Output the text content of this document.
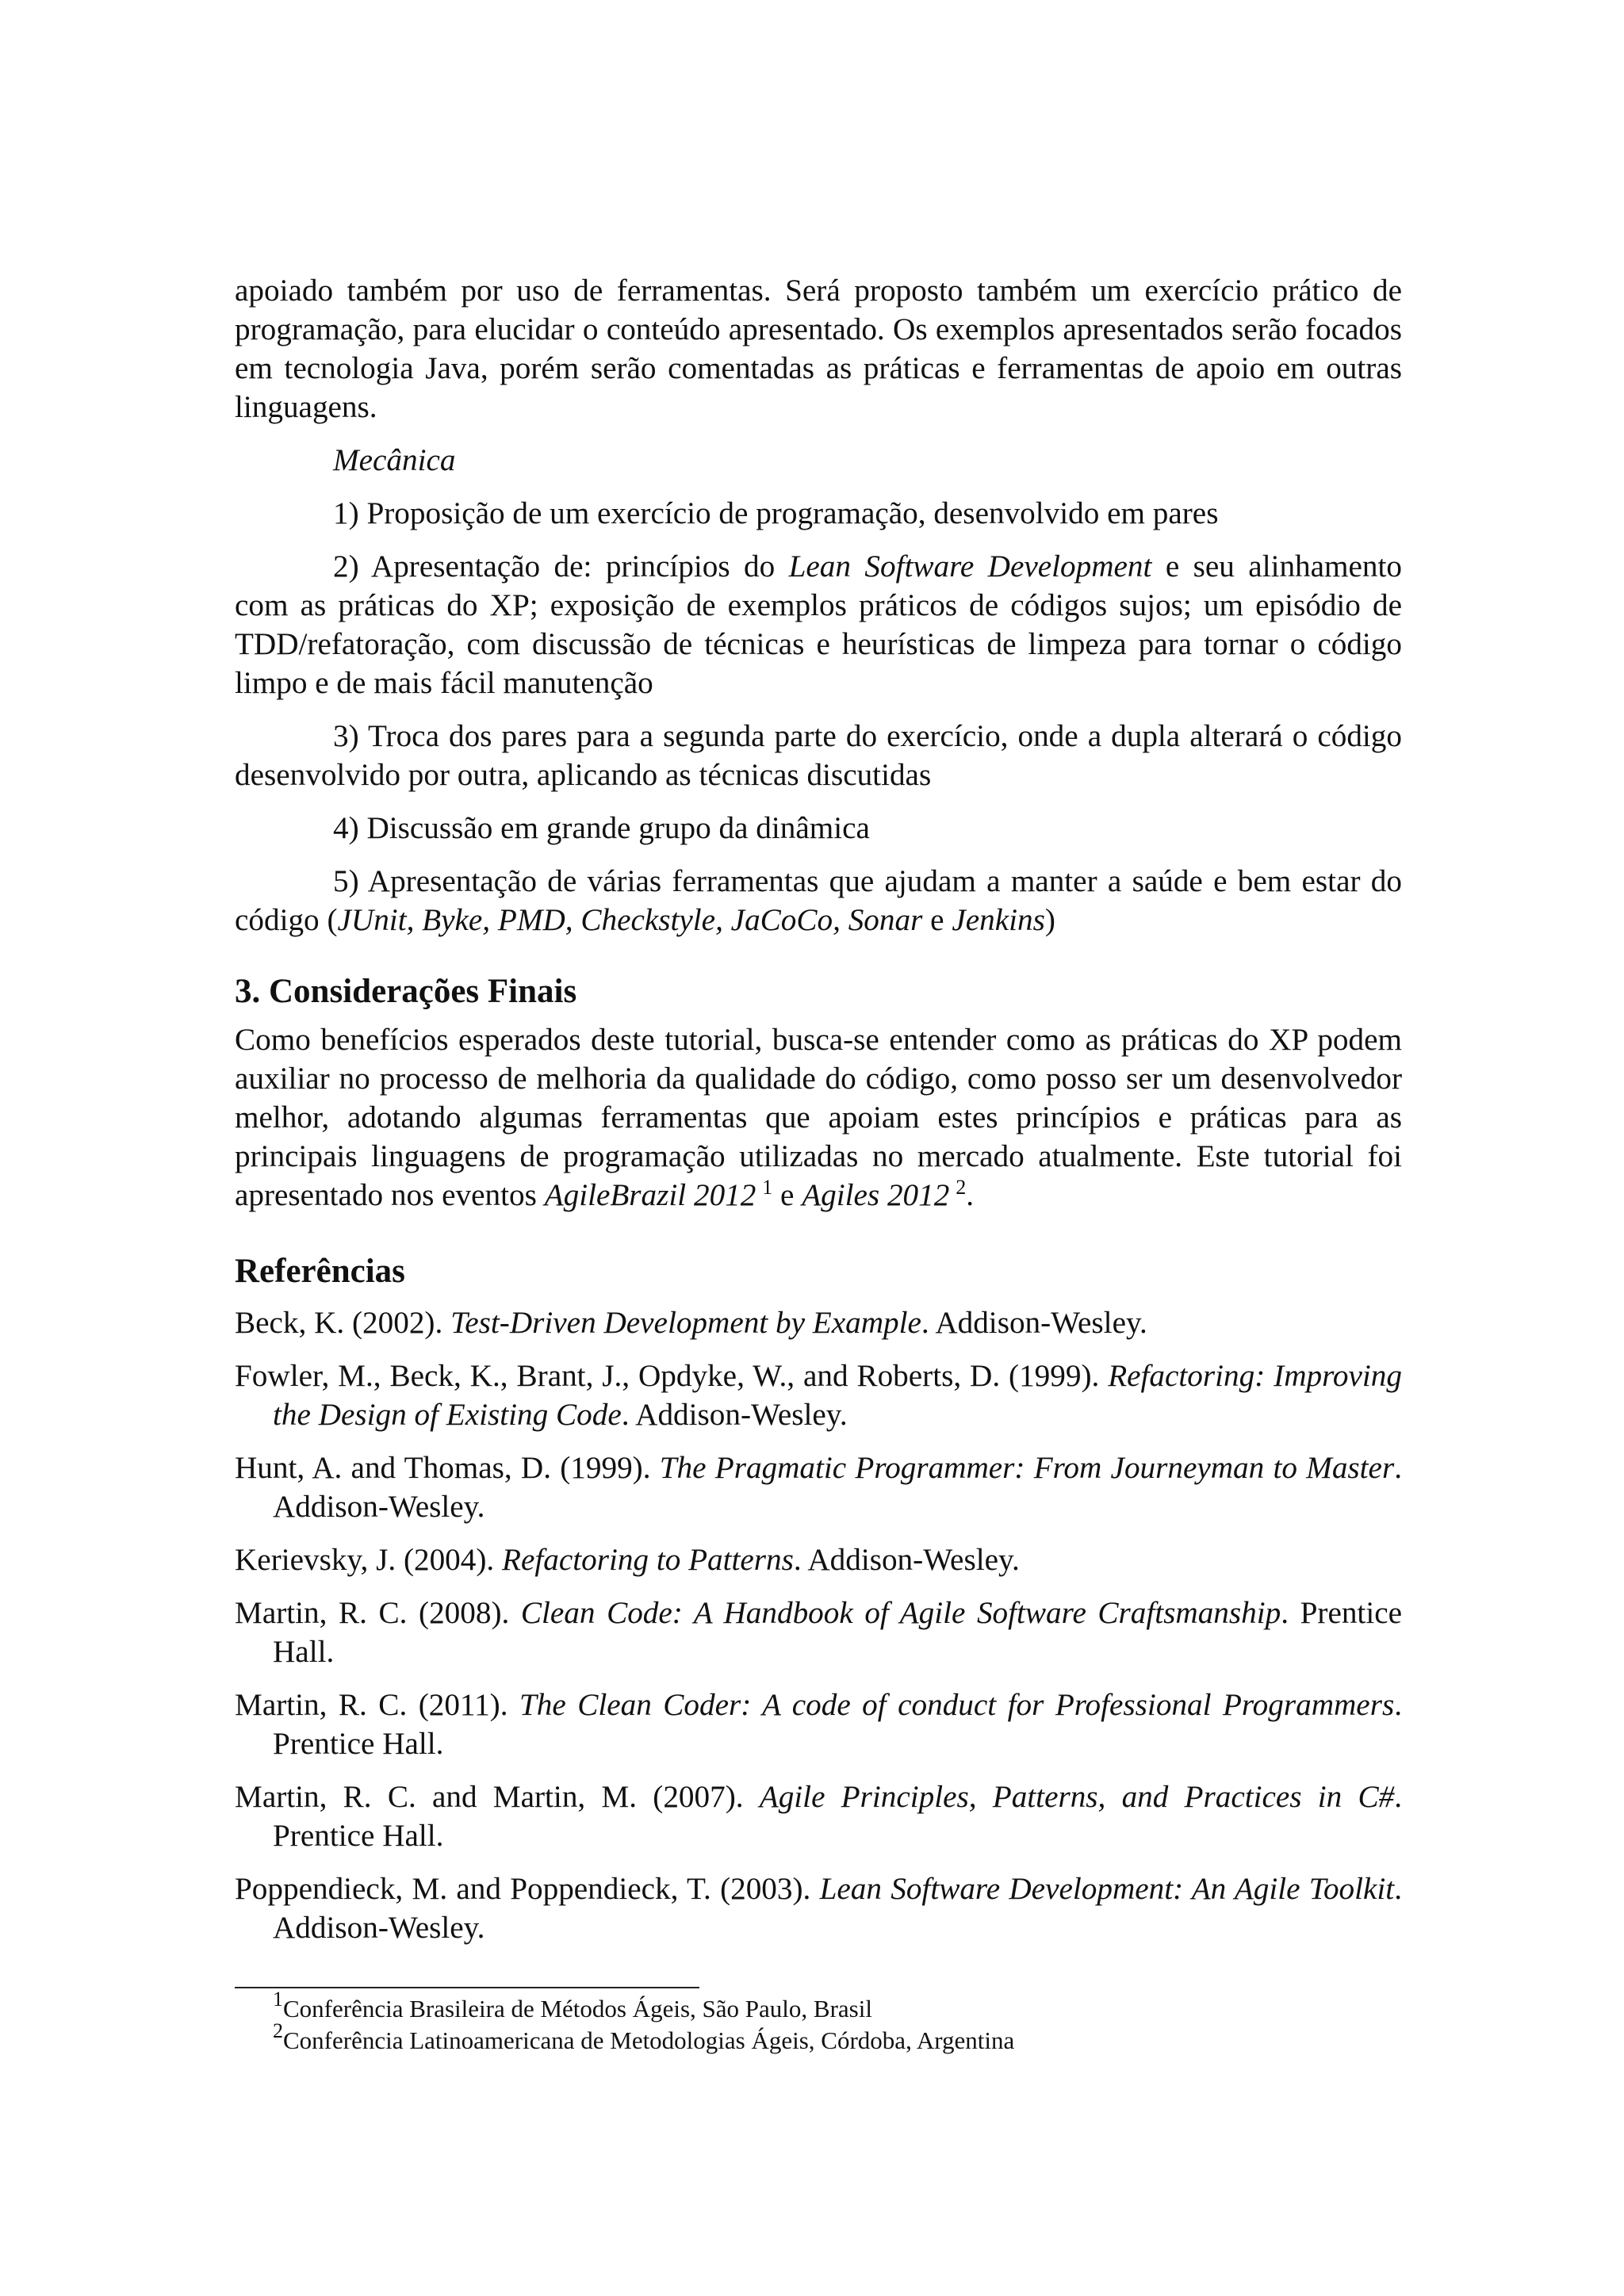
apoiado também por uso de ferramentas. Será proposto também um exercício prático de programação, para elucidar o conteúdo apresentado. Os exemplos apresentados serão focados em tecnologia Java, porém serão comentadas as práticas e ferramentas de apoio em outras linguagens.

Mecânica

1) Proposição de um exercício de programação, desenvolvido em pares

2) Apresentação de: princípios do Lean Software Development e seu alinhamento com as práticas do XP; exposição de exemplos práticos de códigos sujos; um episódio de TDD/refatoração, com discussão de técnicas e heurísticas de limpeza para tornar o código limpo e de mais fácil manutenção

3) Troca dos pares para a segunda parte do exercício, onde a dupla alterará o código desenvolvido por outra, aplicando as técnicas discutidas

4) Discussão em grande grupo da dinâmica

5) Apresentação de várias ferramentas que ajudam a manter a saúde e bem estar do código (JUnit, Byke, PMD, Checkstyle, JaCoCo, Sonar e Jenkins)

3. Considerações Finais

Como benefícios esperados deste tutorial, busca-se entender como as práticas do XP podem auxiliar no processo de melhoria da qualidade do código, como posso ser um desenvolvedor melhor, adotando algumas ferramentas que apoiam estes princípios e práticas para as principais linguagens de programação utilizadas no mercado atualmente. Este tutorial foi apresentado nos eventos AgileBrazil 2012  $^1$ e Agiles 2012  $^2$.

Referências

Beck, K. (2002). Test-Driven Development by Example. Addison-Wesley.

Fowler, M., Beck, K., Brant, J., Opdyke, W., and Roberts, D. (1999). Refactoring: Improving the Design of Existing Code. Addison-Wesley.

Hunt, A. and Thomas, D. (1999). The Pragmatic Programmer: From Journeyman to Master. Addison-Wesley.

Kerievsky, J. (2004). Refactoring to Patterns. Addison-Wesley.

Martin, R. C. (2008). Clean Code: A Handbook of Agile Software Craftsmanship. Prentice Hall.

Martin, R. C. (2011). The Clean Coder: A code of conduct for Professional Programmers. Prentice Hall.

Martin, R. C. and Martin, M. (2007). Agile Principles, Patterns, and Practices in C#. Prentice Hall.

Poppendieck, M. and Poppendieck, T. (2003). Lean Software Development: An Agile Toolkit. Addison-Wesley.

$^1$Conferência Brasileira de Métodos Ágeis, São Paulo, Brasil

$^2$Conferência Latinoamericana de Metodologias Ágeis, Córdoba, Argentina
